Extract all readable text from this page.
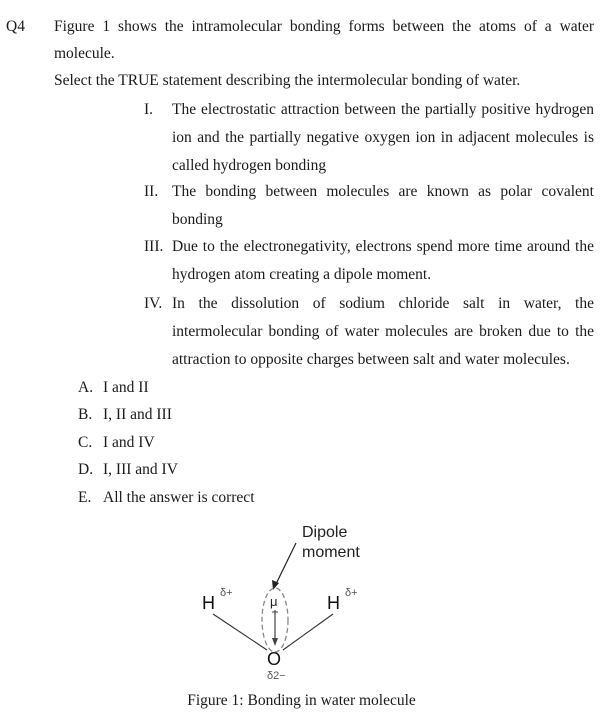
Q4 Figure 1 shows the intramolecular bonding forms between the atoms of a water
molecule.
Select the TRUE statement describing the intermolecular bonding of water.
I. The electrostatic attraction between the partially positive hydrogen
ion and the partially negative oxygen ion in adjacent molecules is
called hydrogen bonding
II. The bonding between molecules are known as polar covalent
bonding
III. Due to the electronegativity, electrons spend more time around the
hydrogen atom creating a dipole moment.
IV. In the dissolution of sodium chloride salt in water, the
intermolecular bonding of water molecules are broken due to the
attraction to opposite charges between salt and water molecules.
A. I and II
B. I, II and III
C. I and IV
D. I, III and IV
E. All the answer is correct
Dipole
moment
μ
H δ+	H δ+
O
δ2−
Figure 1: Bonding in water molecule
